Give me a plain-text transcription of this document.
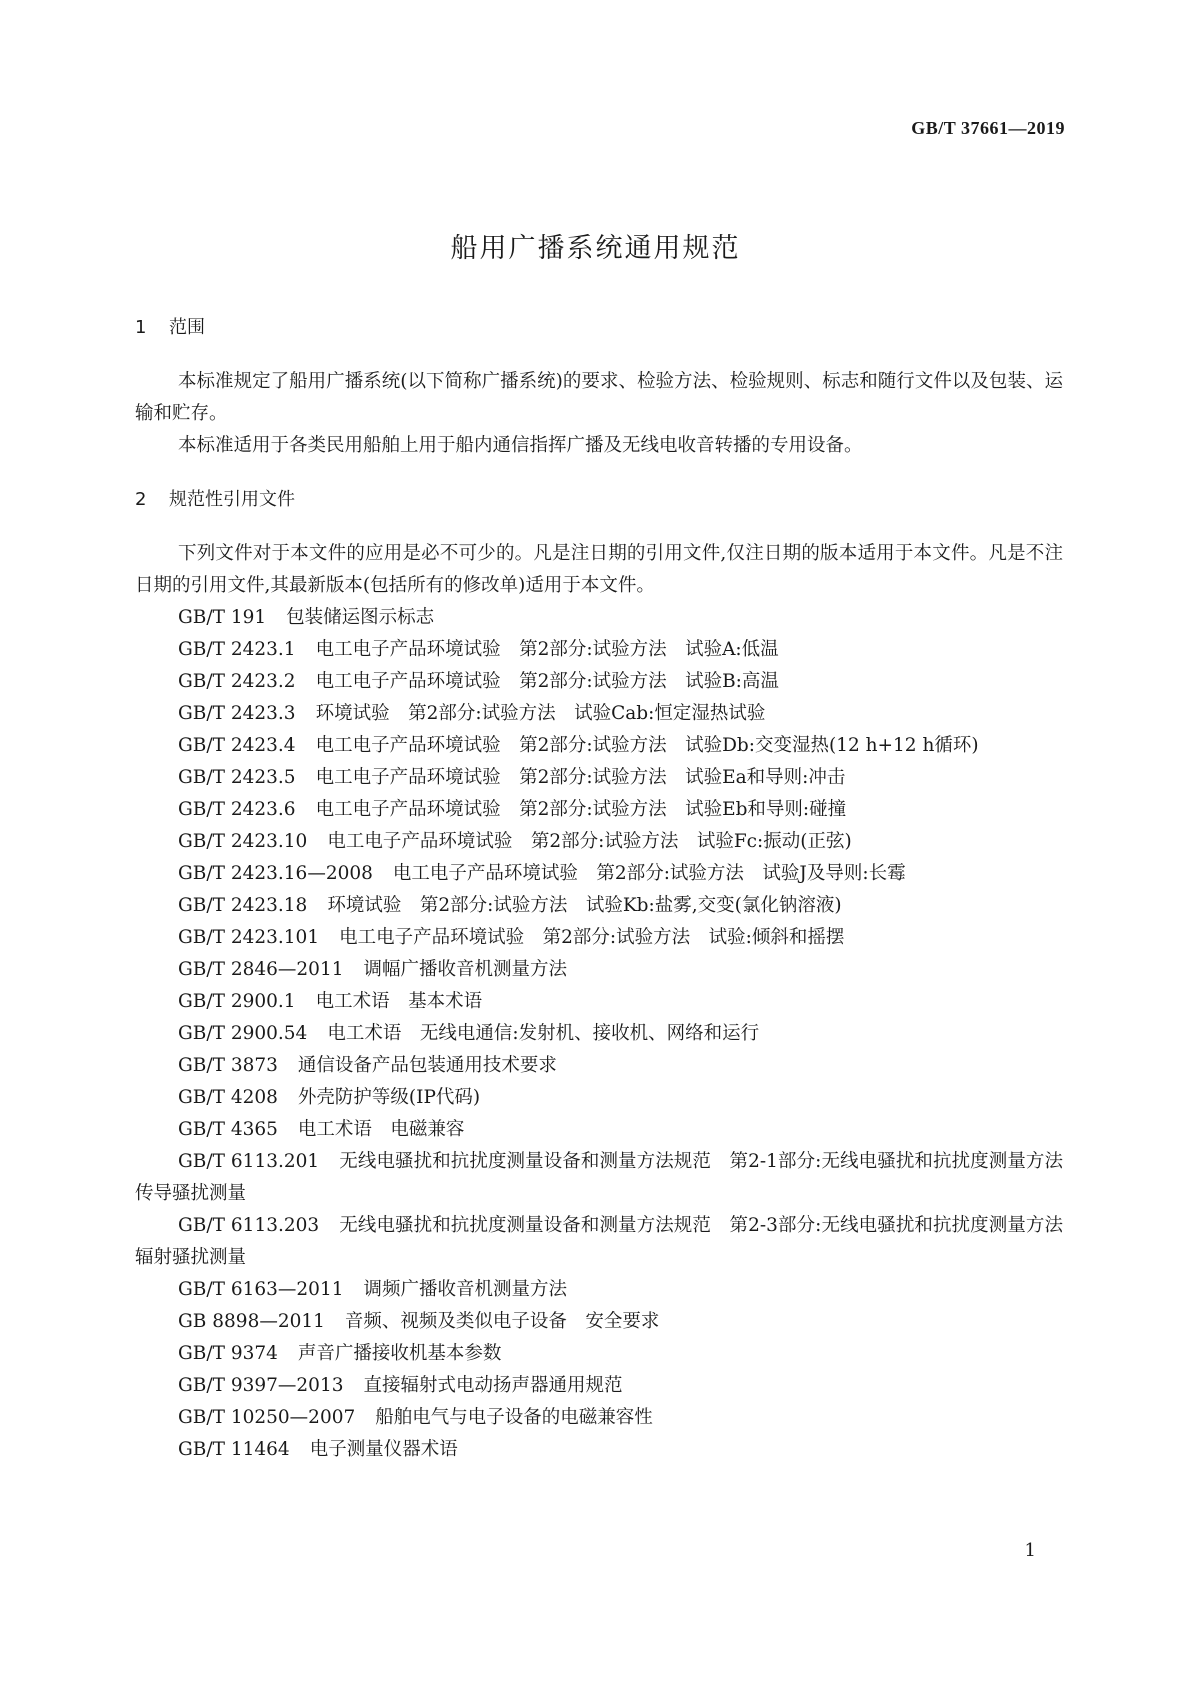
GB/T 37661—2019
船用广播系统通用规范
1 范围
本标准规定了船用广播系统(以下简称广播系统)的要求、检验方法、检验规则、标志和随行文件以及包装、运输和贮存。
本标准适用于各类民用船舶上用于船内通信指挥广播及无线电收音转播的专用设备。
2 规范性引用文件
下列文件对于本文件的应用是必不可少的。凡是注日期的引用文件,仅注日期的版本适用于本文件。凡是不注日期的引用文件,其最新版本(包括所有的修改单)适用于本文件。
GB/T 191 包装储运图示标志
GB/T 2423.1 电工电子产品环境试验　第2部分:试验方法　试验A:低温
GB/T 2423.2 电工电子产品环境试验　第2部分:试验方法　试验B:高温
GB/T 2423.3 环境试验　第2部分:试验方法　试验Cab:恒定湿热试验
GB/T 2423.4 电工电子产品环境试验　第2部分:试验方法　试验Db:交变湿热(12 h+12 h循环)
GB/T 2423.5 电工电子产品环境试验　第2部分:试验方法　试验Ea和导则:冲击
GB/T 2423.6 电工电子产品环境试验　第2部分:试验方法　试验Eb和导则:碰撞
GB/T 2423.10 电工电子产品环境试验　第2部分:试验方法　试验Fc:振动(正弦)
GB/T 2423.16—2008 电工电子产品环境试验　第2部分:试验方法　试验J及导则:长霉
GB/T 2423.18 环境试验　第2部分:试验方法　试验Kb:盐雾,交变(氯化钠溶液)
GB/T 2423.101 电工电子产品环境试验　第2部分:试验方法　试验:倾斜和摇摆
GB/T 2846—2011 调幅广播收音机测量方法
GB/T 2900.1 电工术语　基本术语
GB/T 2900.54 电工术语　无线电通信:发射机、接收机、网络和运行
GB/T 3873 通信设备产品包装通用技术要求
GB/T 4208 外壳防护等级(IP代码)
GB/T 4365 电工术语　电磁兼容
GB/T 6113.201 无线电骚扰和抗扰度测量设备和测量方法规范　第2-1部分:无线电骚扰和抗扰度测量方法　传导骚扰测量
GB/T 6113.203 无线电骚扰和抗扰度测量设备和测量方法规范　第2-3部分:无线电骚扰和抗扰度测量方法　辐射骚扰测量
GB/T 6163—2011 调频广播收音机测量方法
GB 8898—2011 音频、视频及类似电子设备　安全要求
GB/T 9374 声音广播接收机基本参数
GB/T 9397—2013 直接辐射式电动扬声器通用规范
GB/T 10250—2007 船舶电气与电子设备的电磁兼容性
GB/T 11464 电子测量仪器术语
1
